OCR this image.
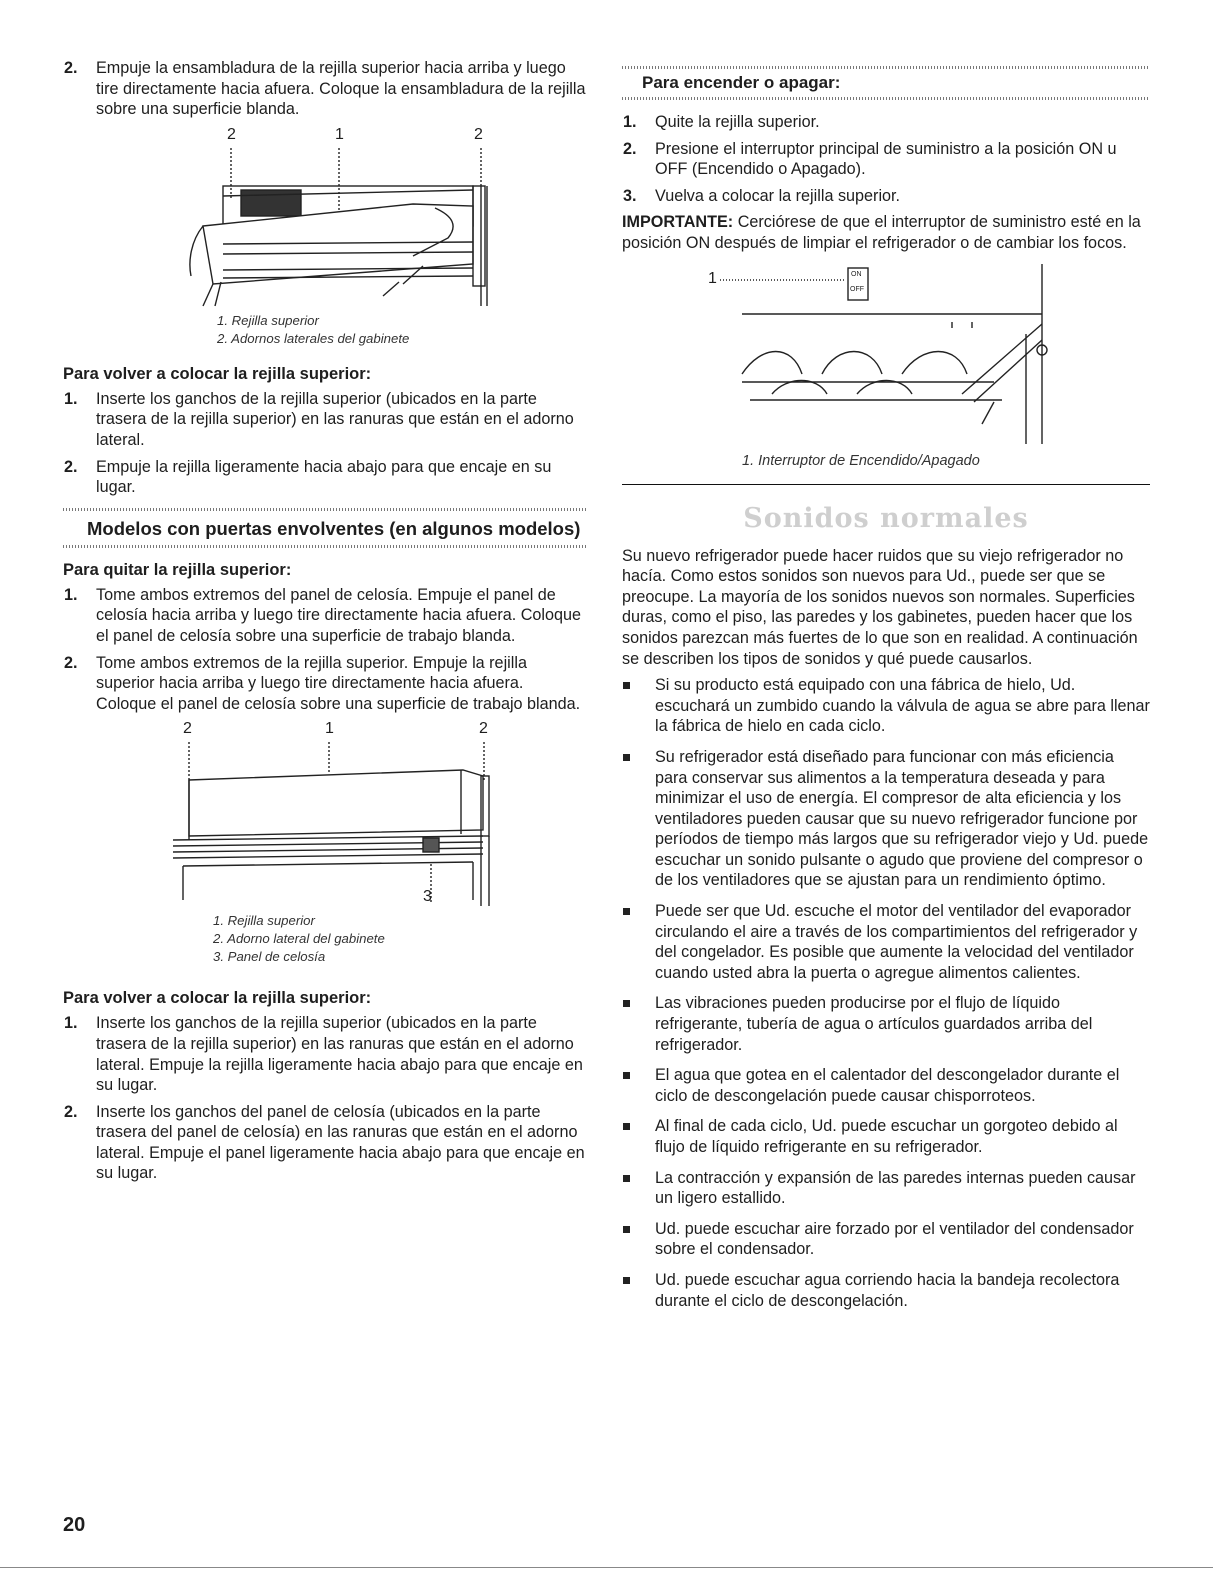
2. Empuje la ensambladura de la rejilla superior hacia arriba y luego tire directamente hacia afuera. Coloque la ensambladura de la rejilla sobre una superficie blanda.
2	1	2
1. Rejilla superior
2. Adornos laterales del gabinete
Para volver a colocar la rejilla superior:
1. Inserte los ganchos de la rejilla superior (ubicados en la parte trasera de la rejilla superior) en las ranuras que están en el adorno lateral.
2. Empuje la rejilla ligeramente hacia abajo para que encaje en su lugar.
Modelos con puertas envolventes (en algunos modelos)
Para quitar la rejilla superior:
1. Tome ambos extremos del panel de celosía. Empuje el panel de celosía hacia arriba y luego tire directamente hacia afuera. Coloque el panel de celosía sobre una superficie de trabajo blanda.
2. Tome ambos extremos de la rejilla superior. Empuje la rejilla superior hacia arriba y luego tire directamente hacia afuera. Coloque el panel de celosía sobre una superficie de trabajo blanda.
2	1	2
3
1. Rejilla superior
2. Adorno lateral del gabinete
3. Panel de celosía
Para volver a colocar la rejilla superior:
1. Inserte los ganchos de la rejilla superior (ubicados en la parte trasera de la rejilla superior) en las ranuras que están en el adorno lateral. Empuje la rejilla ligeramente hacia abajo para que encaje en su lugar.
2. Inserte los ganchos del panel de celosía (ubicados en la parte trasera del panel de celosía) en las ranuras que están en el adorno lateral. Empuje el panel ligeramente hacia abajo para que encaje en su lugar.
Para encender o apagar:
1. Quite la rejilla superior.
2. Presione el interruptor principal de suministro a la posición ON u OFF (Encendido o Apagado).
3. Vuelva a colocar la rejilla superior.

IMPORTANTE: Cerciórese de que el interruptor de suministro esté en la posición ON después de limpiar el refrigerador o de cambiar los focos.

1	ON
OFF
1. Interruptor de Encendido/Apagado
Sonidos normales

Su nuevo refrigerador puede hacer ruidos que su viejo refrigerador no hacía. Como estos sonidos son nuevos para Ud., puede ser que se preocupe. La mayoría de los sonidos nuevos son normales. Superficies duras, como el piso, las paredes y los gabinetes, pueden hacer que los sonidos parezcan más fuertes de lo que son en realidad. A continuación se describen los tipos de sonidos y qué puede causarlos.

Si su producto está equipado con una fábrica de hielo, Ud. escuchará un zumbido cuando la válvula de agua se abre para llenar la fábrica de hielo en cada ciclo.
Su refrigerador está diseñado para funcionar con más eficiencia para conservar sus alimentos a la temperatura deseada y para minimizar el uso de energía. El compresor de alta eficiencia y los ventiladores pueden causar que su nuevo refrigerador funcione por períodos de tiempo más largos que su refrigerador viejo y Ud. puede escuchar un sonido pulsante o agudo que proviene del compresor o de los ventiladores que se ajustan para un rendimiento óptimo.
Puede ser que Ud. escuche el motor del ventilador del evaporador circulando el aire a través de los compartimientos del refrigerador y del congelador. Es posible que aumente la velocidad del ventilador cuando usted abra la puerta o agregue alimentos calientes.
Las vibraciones pueden producirse por el flujo de líquido refrigerante, tubería de agua o artículos guardados arriba del refrigerador.
El agua que gotea en el calentador del descongelador durante el ciclo de descongelación puede causar chisporroteos.
Al final de cada ciclo, Ud. puede escuchar un gorgoteo debido al flujo de líquido refrigerante en su refrigerador.
La contracción y expansión de las paredes internas pueden causar un ligero estallido.
Ud. puede escuchar aire forzado por el ventilador del condensador sobre el condensador.
Ud. puede escuchar agua corriendo hacia la bandeja recolectora durante el ciclo de descongelación.
20
